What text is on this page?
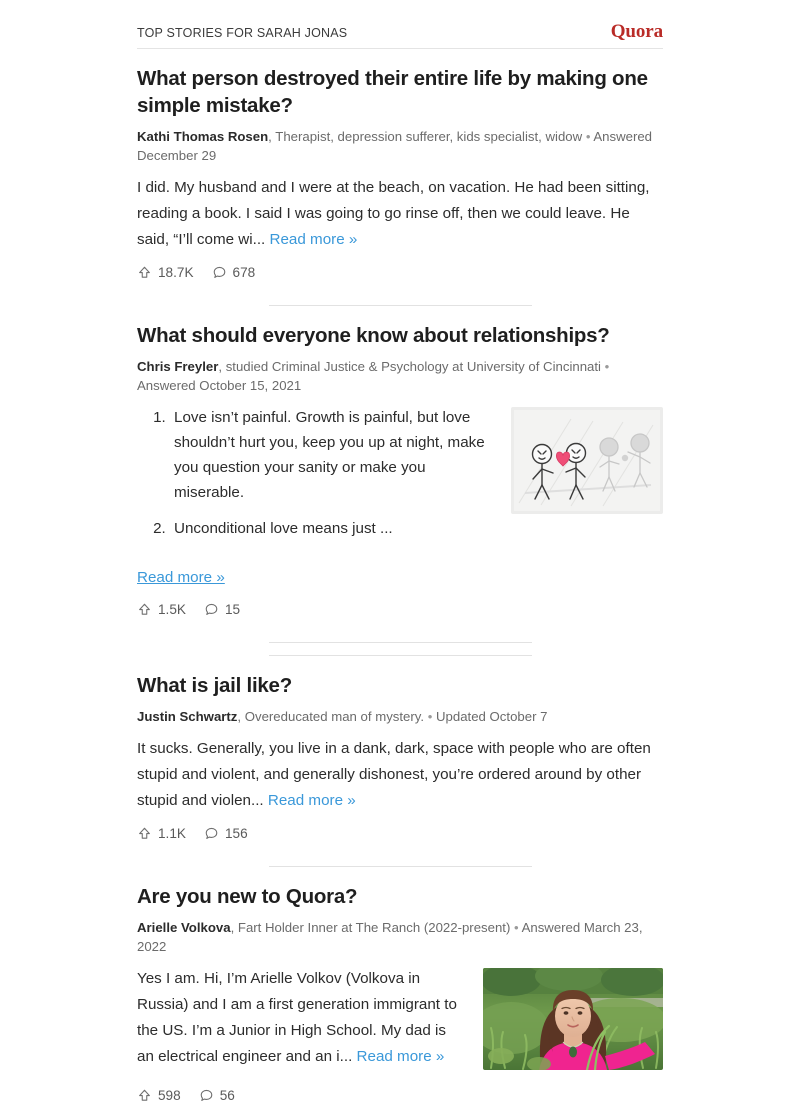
TOP STORIES FOR SARAH JONAS	Quora
What person destroyed their entire life by making one simple mistake?
Kathi Thomas Rosen, Therapist, depression sufferer, kids specialist, widow • Answered December 29
I did. My husband and I were at the beach, on vacation. He had been sitting, reading a book. I said I was going to go rinse off, then we could leave. He said, “I’ll come wi... Read more »
18.7K	678
What should everyone know about relationships?
Chris Freyler, studied Criminal Justice & Psychology at University of Cincinnati • Answered October 15, 2021
1. Love isn’t painful. Growth is painful, but love shouldn’t hurt you, keep you up at night, make you question your sanity or make you miserable.
2. Unconditional love means just ...
Read more »
1.5K	15
What is jail like?
Justin Schwartz, Overeducated man of mystery. • Updated October 7
It sucks. Generally, you live in a dank, dark, space with people who are often stupid and violent, and generally dishonest, you’re ordered around by other stupid and violen... Read more »
1.1K	156
Are you new to Quora?
Arielle Volkova, Fart Holder Inner at The Ranch (2022-present) • Answered March 23, 2022
Yes I am. Hi, I’m Arielle Volkov (Volkova in Russia) and I am a first generation immigrant to the US. I’m a Junior in High School. My dad is an electrical engineer and an i... Read more »
598	56
